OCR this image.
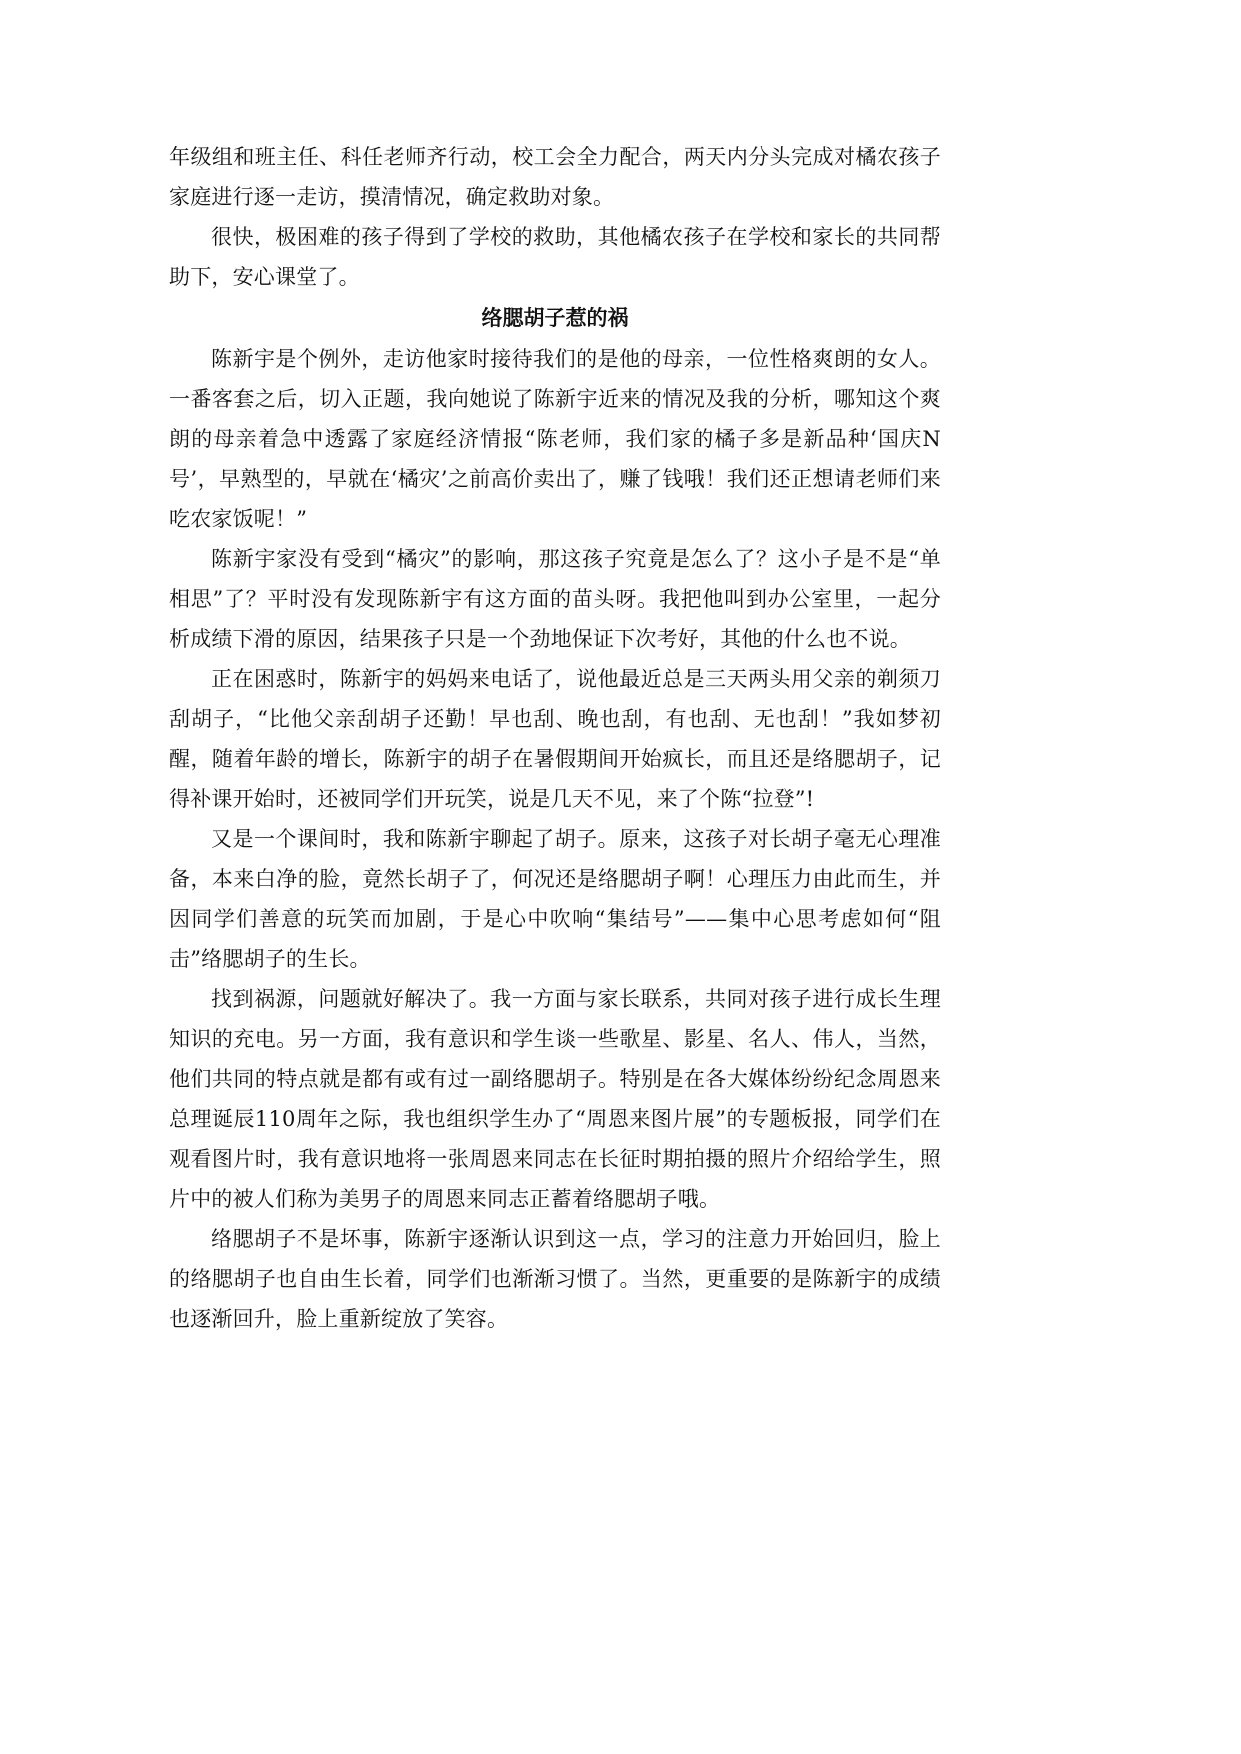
年级组和班主任、科任老师齐行动，校工会全力配合，两天内分头完成对橘农孩子家庭进行逐一走访，摸清情况，确定救助对象。

很快，极困难的孩子得到了学校的救助，其他橘农孩子在学校和家长的共同帮助下，安心课堂了。

络腮胡子惹的祸

陈新宇是个例外，走访他家时接待我们的是他的母亲，一位性格爽朗的女人。一番客套之后，切入正题，我向她说了陈新宇近来的情况及我的分析，哪知这个爽朗的母亲着急中透露了家庭经济情报“陈老师，我们家的橘子多是新品种‘国庆N号’，早熟型的，早就在‘橘灾’之前高价卖出了，赚了钱哦！我们还正想请老师们来吃农家饭呢！”

陈新宇家没有受到“橘灾”的影响，那这孩子究竟是怎么了？这小子是不是“单相思”了？平时没有发现陈新宇有这方面的苗头呀。我把他叫到办公室里，一起分析成绩下滑的原因，结果孩子只是一个劲地保证下次考好，其他的什么也不说。

正在困惑时，陈新宇的妈妈来电话了，说他最近总是三天两头用父亲的剃须刀刮胡子，“比他父亲刮胡子还勤！早也刮、晚也刮，有也刮、无也刮！”我如梦初醒，随着年龄的增长，陈新宇的胡子在暑假期间开始疯长，而且还是络腮胡子，记得补课开始时，还被同学们开玩笑，说是几天不见，来了个陈“拉登”!

又是一个课间时，我和陈新宇聊起了胡子。原来，这孩子对长胡子毫无心理准备，本来白净的脸，竟然长胡子了，何况还是络腮胡子啊！心理压力由此而生，并因同学们善意的玩笑而加剧，于是心中吹响“集结号”——集中心思考虑如何“阻击”络腮胡子的生长。

找到祸源，问题就好解决了。我一方面与家长联系，共同对孩子进行成长生理知识的充电。另一方面，我有意识和学生谈一些歌星、影星、名人、伟人，当然，他们共同的特点就是都有或有过一副络腮胡子。特别是在各大媒体纷纷纪念周恩来总理诞辰110周年之际，我也组织学生办了“周恩来图片展”的专题板报，同学们在观看图片时，我有意识地将一张周恩来同志在长征时期拍摄的照片介绍给学生，照片中的被人们称为美男子的周恩来同志正蓄着络腮胡子哦。

络腮胡子不是坏事，陈新宇逐渐认识到这一点，学习的注意力开始回归，脸上的络腮胡子也自由生长着，同学们也渐渐习惯了。当然，更重要的是陈新宇的成绩也逐渐回升，脸上重新绽放了笑容。
